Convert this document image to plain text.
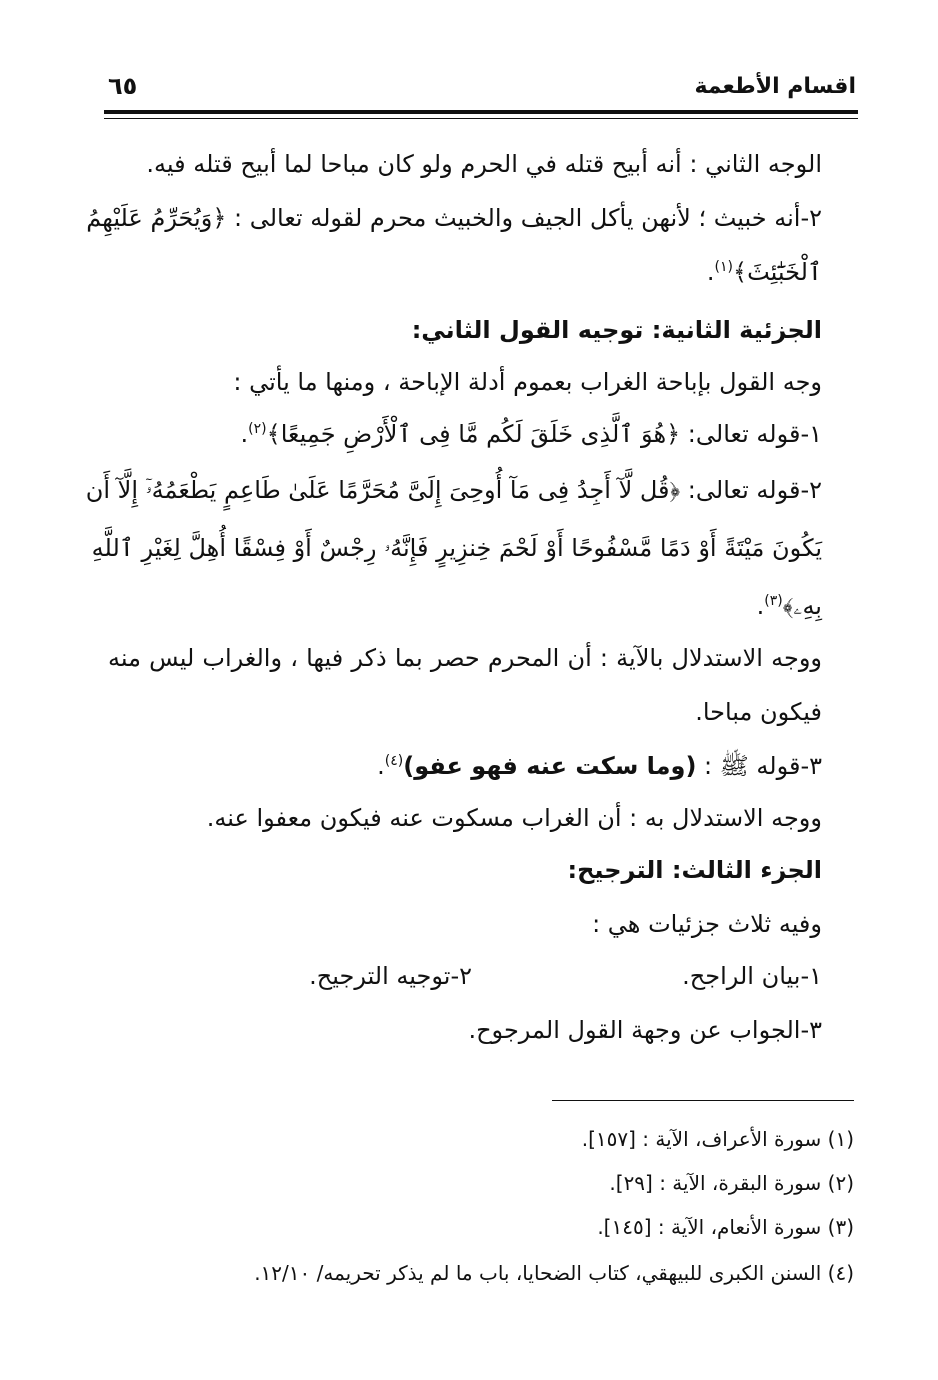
اقسام الأطعمة
٦٥
الوجه الثاني : أنه أبيح قتله في الحرم ولو كان مباحا لما أبيح قتله فيه.
٢-أنه خبيث ؛ لأنهن يأكل الجيف والخبيث محرم لقوله تعالى : ﴿وَيُحَرِّمُ عَلَيْهِمُ
ٱلْخَبَٰٓئِثَ﴾$^{(١)}$.
الجزئية الثانية: توجيه القول الثاني:
وجه القول بإباحة الغراب بعموم أدلة الإباحة ، ومنها ما يأتي :
١-قوله تعالى: ﴿هُوَ ٱلَّذِى خَلَقَ لَكُم مَّا فِى ٱلْأَرْضِ جَمِيعًا﴾$^{(٢)}$.
٢-قوله تعالى: ﴿قُل لَّآ أَجِدُ فِى مَآ أُوحِىَ إِلَىَّ مُحَرَّمًا عَلَىٰ طَاعِمٍ يَطْعَمُهُۥٓ إِلَّآ أَن
يَكُونَ مَيْتَةً أَوْ دَمًا مَّسْفُوحًا أَوْ لَحْمَ خِنزِيرٍ فَإِنَّهُۥ رِجْسٌ أَوْ فِسْقًا أُهِلَّ لِغَيْرِ ٱللَّهِ
بِهِۦ﴾$^{(٣)}$.
ووجه الاستدلال بالآية : أن المحرم حصر بما ذكر فيها ، والغراب ليس منه
فيكون مباحا.
٣-قوله ﷺ : (وما سكت عنه فهو عفو)$^{(٤)}$.
ووجه الاستدلال به : أن الغراب مسكوت عنه فيكون معفوا عنه.
الجزء الثالث: الترجيح:
وفيه ثلاث جزئيات هي :
١-بيان الراجح.
٢-توجيه الترجيح.
٣-الجواب عن وجهة القول المرجوح.
(١) سورة الأعراف، الآية : [١٥٧].
(٢) سورة البقرة، الآية : [٢٩].
(٣) سورة الأنعام، الآية : [١٤٥].
(٤) السنن الكبرى للبيهقي، كتاب الضحايا، باب ما لم يذكر تحريمه/ ١٢/١٠.
